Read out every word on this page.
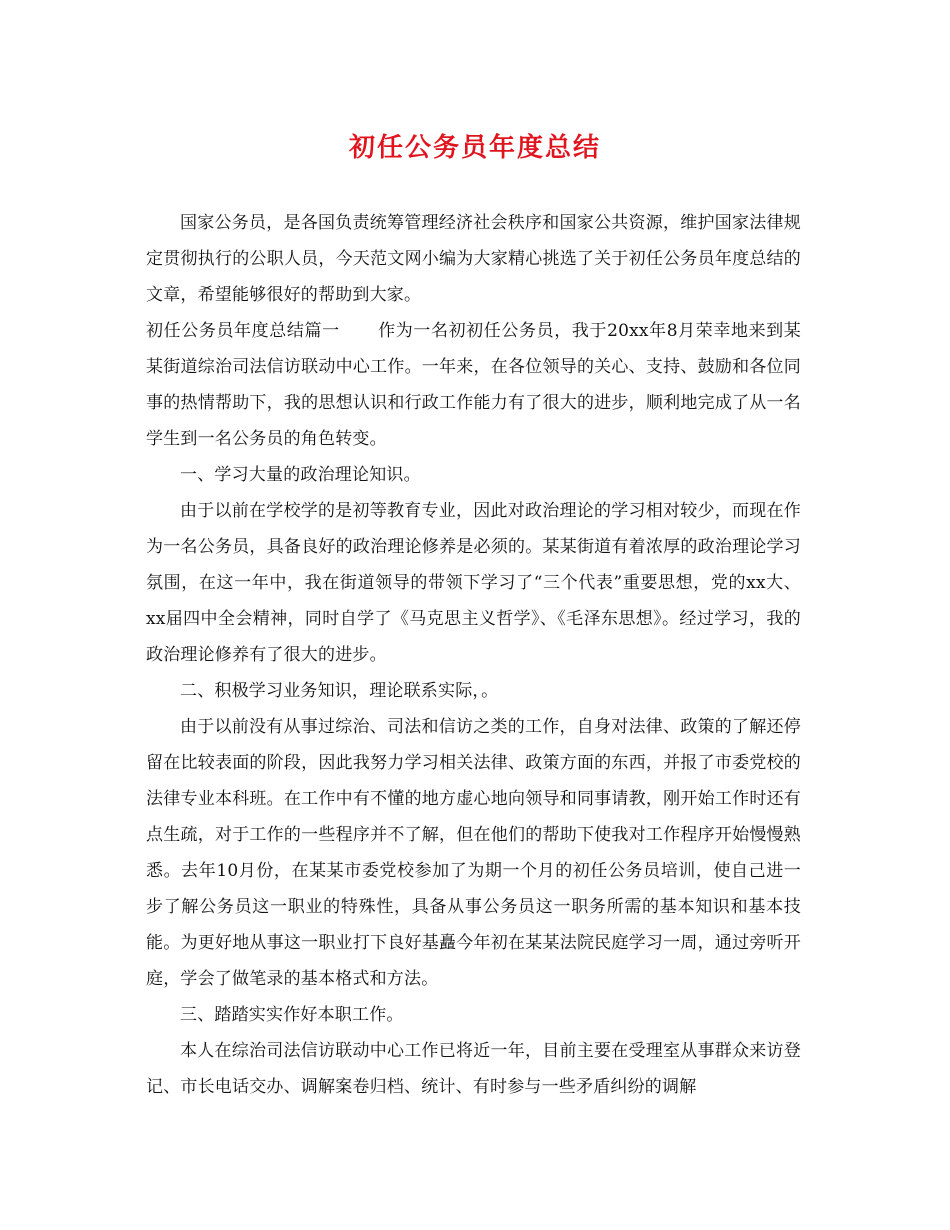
初任公务员年度总结

国家公务员，是各国负责统筹管理经济社会秩序和国家公共资源，维护国家法律规定贯彻执行的公职人员，今天范文网小编为大家精心挑选了关于初任公务员年度总结的文章，希望能够很好的帮助到大家。

初任公务员年度总结篇一 作为一名初初任公务员，我于20xx年8月荣幸地来到某某街道综治司法信访联动中心工作。一年来，在各位领导的关心、支持、鼓励和各位同事的热情帮助下，我的思想认识和行政工作能力有了很大的进步，顺利地完成了从一名学生到一名公务员的角色转变。

一、学习大量的政治理论知识。

由于以前在学校学的是初等教育专业，因此对政治理论的学习相对较少，而现在作为一名公务员，具备良好的政治理论修养是必须的。某某街道有着浓厚的政治理论学习氛围，在这一年中，我在街道领导的带领下学习了“三个代表”重要思想，党的xx大、xx届四中全会精神，同时自学了《马克思主义哲学》、《毛泽东思想》。经过学习，我的政治理论修养有了很大的进步。

二、积极学习业务知识，理论联系实际，。

由于以前没有从事过综治、司法和信访之类的工作，自身对法律、政策的了解还停留在比较表面的阶段，因此我努力学习相关法律、政策方面的东西，并报了市委党校的法律专业本科班。在工作中有不懂的地方虚心地向领导和同事请教，刚开始工作时还有点生疏，对于工作的一些程序并不了解，但在他们的帮助下使我对工作程序开始慢慢熟悉。去年10月份，在某某市委党校参加了为期一个月的初任公务员培训，使自己进一步了解公务员这一职业的特殊性，具备从事公务员这一职务所需的基本知识和基本技能。为更好地从事这一职业打下良好基矗今年初在某某法院民庭学习一周，通过旁听开庭，学会了做笔录的基本格式和方法。

三、踏踏实实作好本职工作。

本人在综治司法信访联动中心工作已将近一年，目前主要在受理室从事群众来访登记、市长电话交办、调解案卷归档、统计、有时参与一些矛盾纠纷的调解
